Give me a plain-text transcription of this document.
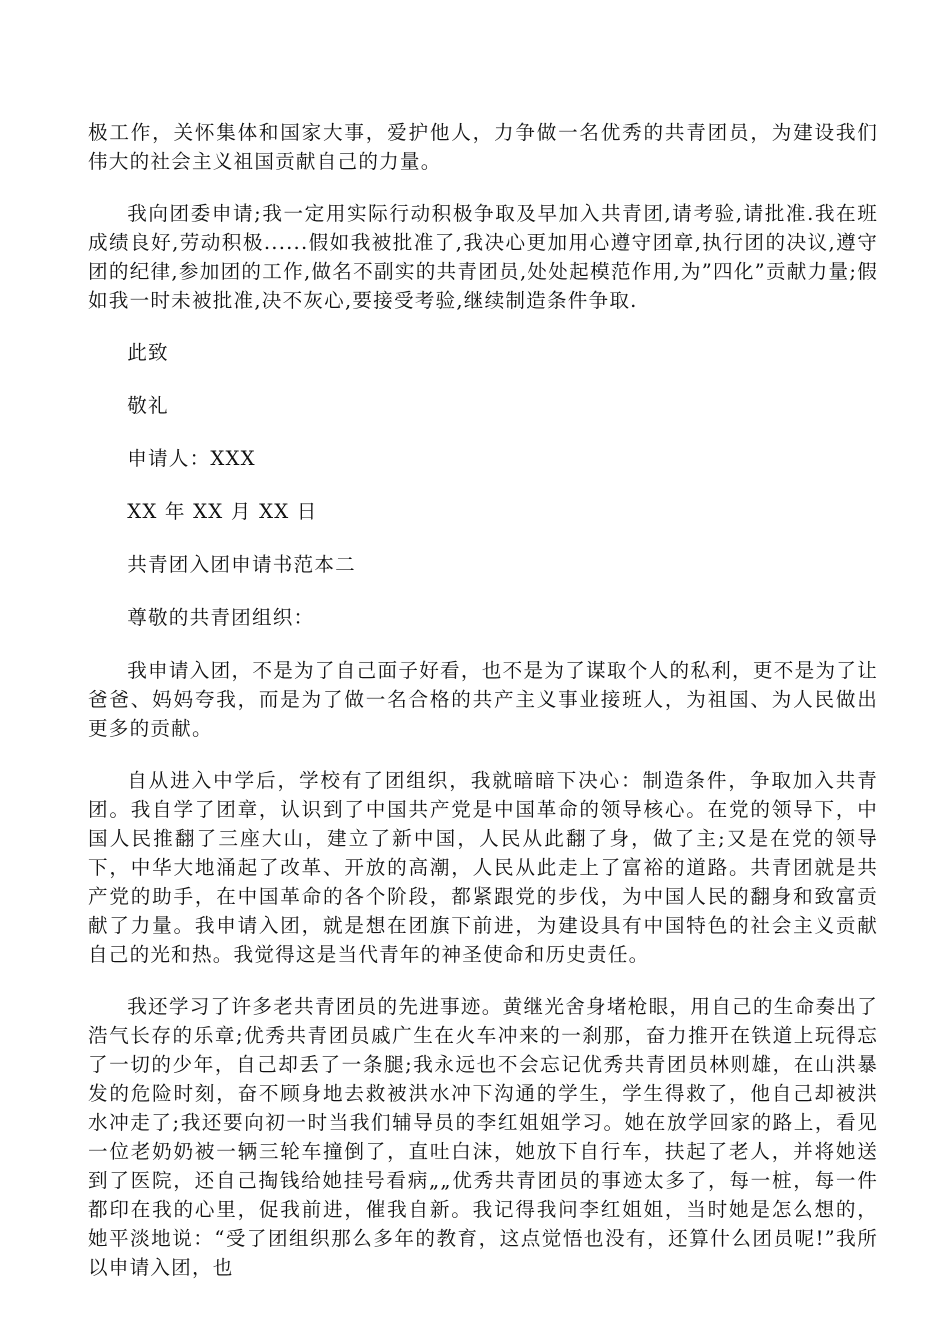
极工作，关怀集体和国家大事，爱护他人，力争做一名优秀的共青团员，为建设我们伟大的社会主义祖国贡献自己的力量。

我向团委申请;我一定用实际行动积极争取及早加入共青团,请考验,请批准.我在班成绩良好,劳动积极......假如我被批准了,我决心更加用心遵守团章,执行团的决议,遵守团的纪律,参加团的工作,做名不副实的共青团员,处处起模范作用,为”四化”贡献力量;假如我一时未被批准,决不灰心,要接受考验,继续制造条件争取.

此致

敬礼

申请人：XXX

XX 年 XX 月 XX 日

共青团入团申请书范本二

尊敬的共青团组织：

我申请入团，不是为了自己面子好看，也不是为了谋取个人的私利，更不是为了让爸爸、妈妈夸我，而是为了做一名合格的共产主义事业接班人，为祖国、为人民做出更多的贡献。

自从进入中学后，学校有了团组织，我就暗暗下决心：制造条件，争取加入共青团。我自学了团章，认识到了中国共产党是中国革命的领导核心。在党的领导下，中国人民推翻了三座大山，建立了新中国，人民从此翻了身，做了主;又是在党的领导下，中华大地涌起了改革、开放的高潮，人民从此走上了富裕的道路。共青团就是共产党的助手，在中国革命的各个阶段，都紧跟党的步伐，为中国人民的翻身和致富贡献了力量。我申请入团，就是想在团旗下前进，为建设具有中国特色的社会主义贡献自己的光和热。我觉得这是当代青年的神圣使命和历史责任。

我还学习了许多老共青团员的先进事迹。黄继光舍身堵枪眼，用自己的生命奏出了浩气长存的乐章;优秀共青团员戚广生在火车冲来的一刹那，奋力推开在铁道上玩得忘了一切的少年，自己却丢了一条腿;我永远也不会忘记优秀共青团员林则雄，在山洪暴发的危险时刻，奋不顾身地去救被洪水冲下沟通的学生，学生得救了，他自己却被洪水冲走了;我还要向初一时当我们辅导员的李红姐姐学习。她在放学回家的路上，看见一位老奶奶被一辆三轮车撞倒了，直吐白沫，她放下自行车，扶起了老人，并将她送到了医院，还自己掏钱给她挂号看病„„优秀共青团员的事迹太多了，每一桩，每一件都印在我的心里，促我前进，催我自新。我记得我问李红姐姐，当时她是怎么想的，她平淡地说：“受了团组织那么多年的教育，这点觉悟也没有，还算什么团员呢!”我所以申请入团，也
